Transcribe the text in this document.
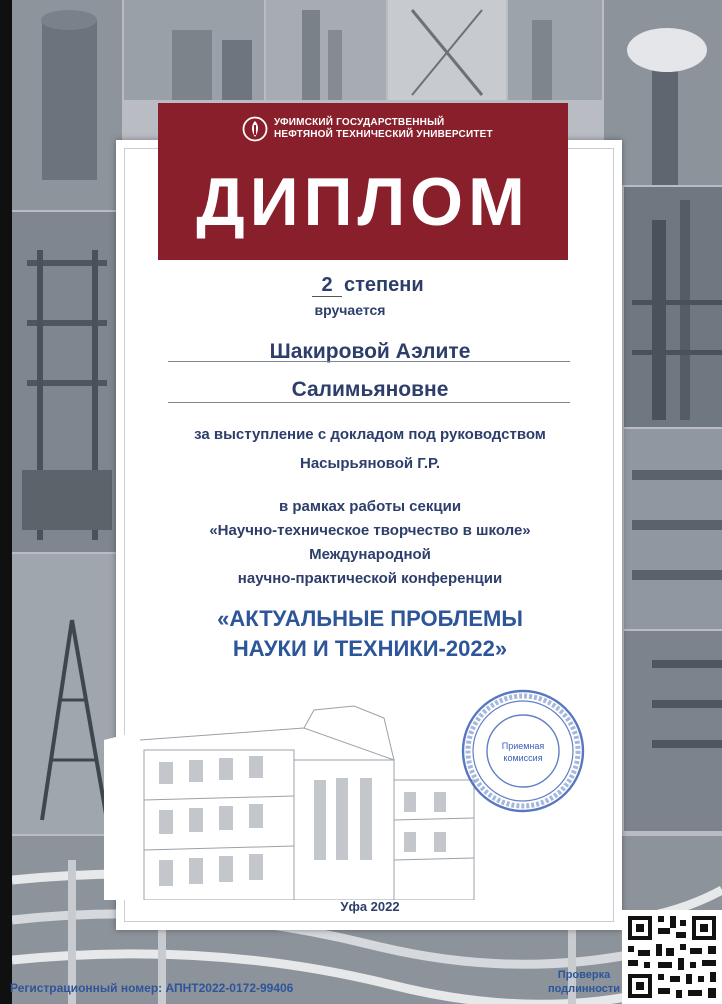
УФИМСКИЙ ГОСУДАРСТВЕННЫЙ
НЕФТЯНОЙ ТЕХНИЧЕСКИЙ УНИВЕРСИТЕТ
ДИПЛОМ
2 степени
вручается
Шакировой Аэлите
Салимьяновне
за выступление с докладом под руководством
Насырьяновой Г.Р.
в рамках работы секции
«Научно-техническое творчество в школе»
Международной
научно-практической конференции
«АКТУАЛЬНЫЕ ПРОБЛЕМЫ
НАУКИ И ТЕХНИКИ-2022»
Приемная
комиссия
Уфа 2022
Регистрационный номер: АПНТ2022-0172-99406
Проверка
подлинности
